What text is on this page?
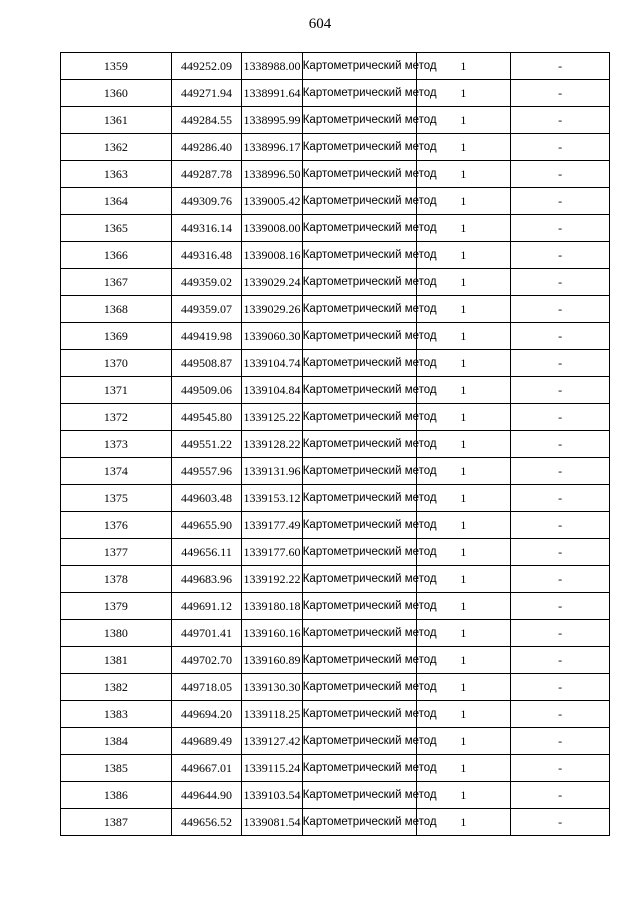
604
1359	449252.09	1338988.00	Картометрический метод	1	-
1360	449271.94	1338991.64	Картометрический метод	1	-
1361	449284.55	1338995.99	Картометрический метод	1	-
1362	449286.40	1338996.17	Картометрический метод	1	-
1363	449287.78	1338996.50	Картометрический метод	1	-
1364	449309.76	1339005.42	Картометрический метод	1	-
1365	449316.14	1339008.00	Картометрический метод	1	-
1366	449316.48	1339008.16	Картометрический метод	1	-
1367	449359.02	1339029.24	Картометрический метод	1	-
1368	449359.07	1339029.26	Картометрический метод	1	-
1369	449419.98	1339060.30	Картометрический метод	1	-
1370	449508.87	1339104.74	Картометрический метод	1	-
1371	449509.06	1339104.84	Картометрический метод	1	-
1372	449545.80	1339125.22	Картометрический метод	1	-
1373	449551.22	1339128.22	Картометрический метод	1	-
1374	449557.96	1339131.96	Картометрический метод	1	-
1375	449603.48	1339153.12	Картометрический метод	1	-
1376	449655.90	1339177.49	Картометрический метод	1	-
1377	449656.11	1339177.60	Картометрический метод	1	-
1378	449683.96	1339192.22	Картометрический метод	1	-
1379	449691.12	1339180.18	Картометрический метод	1	-
1380	449701.41	1339160.16	Картометрический метод	1	-
1381	449702.70	1339160.89	Картометрический метод	1	-
1382	449718.05	1339130.30	Картометрический метод	1	-
1383	449694.20	1339118.25	Картометрический метод	1	-
1384	449689.49	1339127.42	Картометрический метод	1	-
1385	449667.01	1339115.24	Картометрический метод	1	-
1386	449644.90	1339103.54	Картометрический метод	1	-
1387	449656.52	1339081.54	Картометрический метод	1	-
